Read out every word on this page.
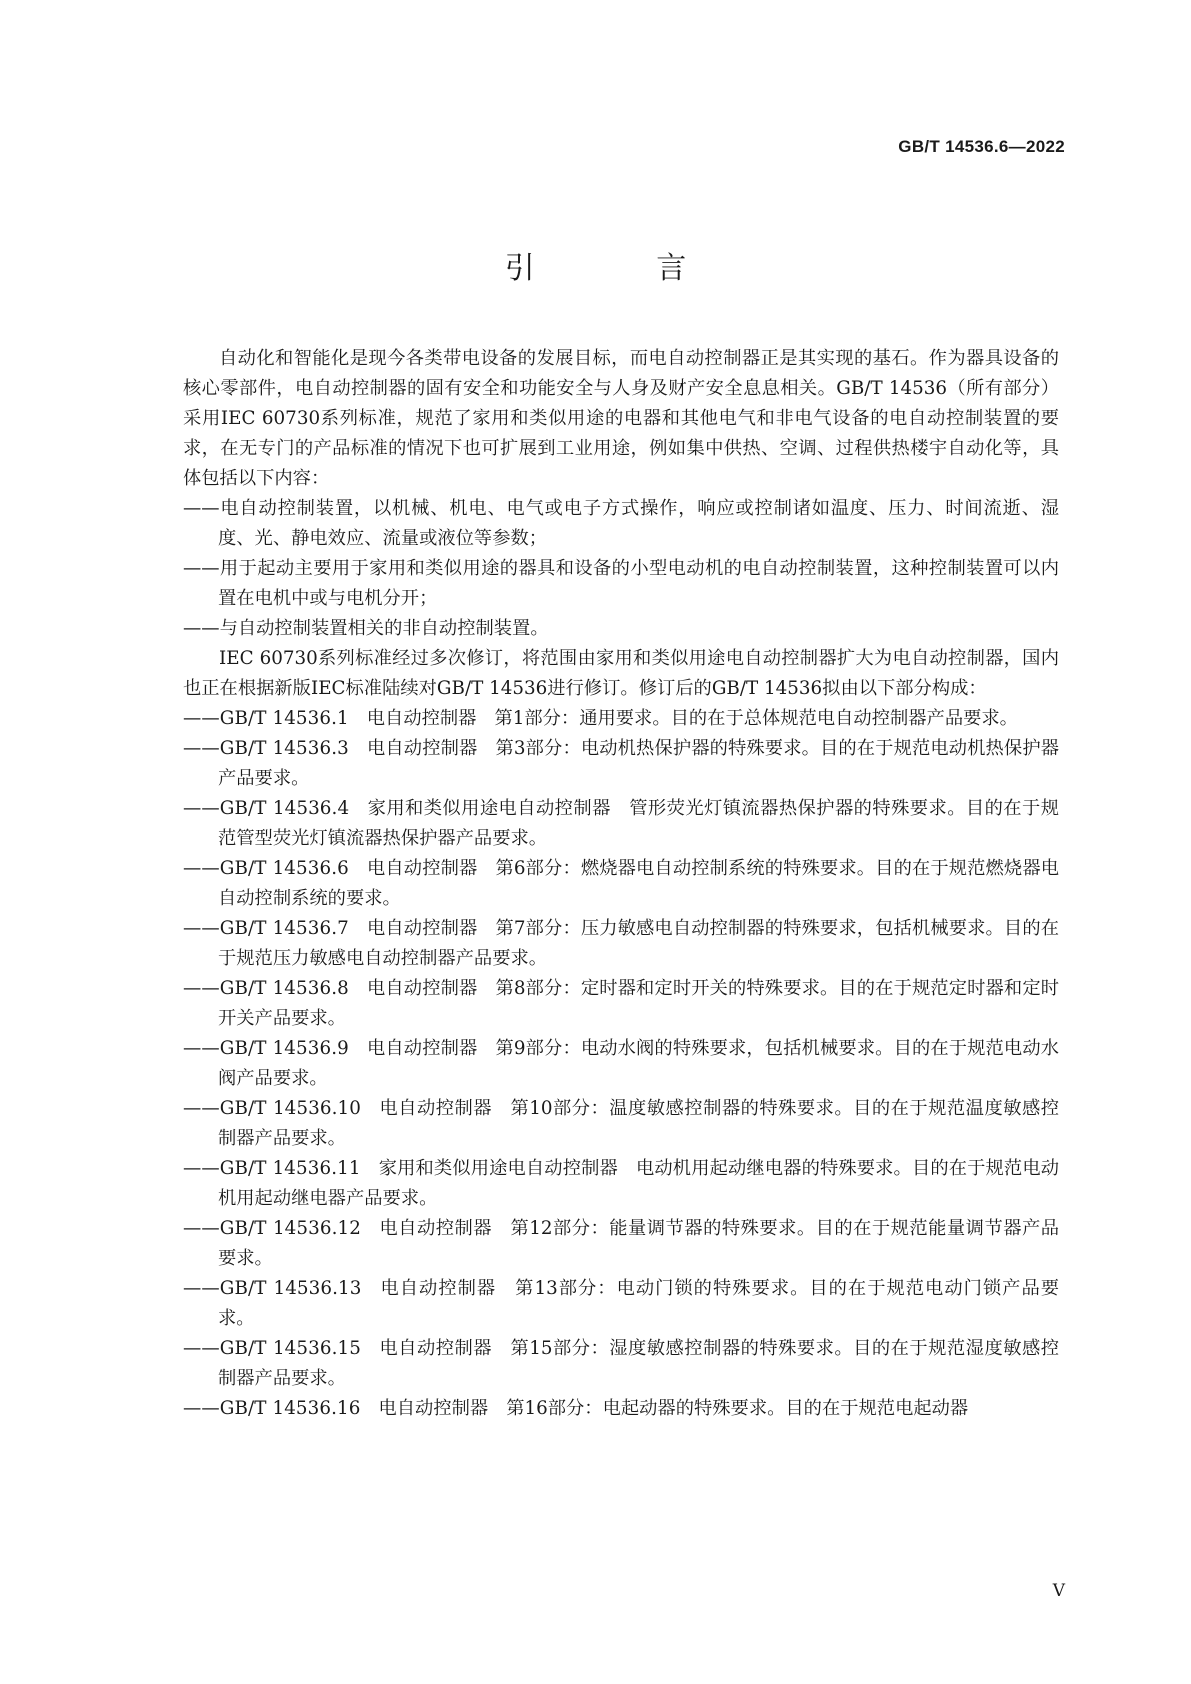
GB/T 14536.6—2022
引 言

自动化和智能化是现今各类带电设备的发展目标，而电自动控制器正是其实现的基石。作为器具设备的核心零部件，电自动控制器的固有安全和功能安全与人身及财产安全息息相关。GB/T 14536（所有部分）采用IEC 60730系列标准，规范了家用和类似用途的电器和其他电气和非电气设备的电自动控制装置的要求，在无专门的产品标准的情况下也可扩展到工业用途，例如集中供热、空调、过程供热楼宇自动化等，具体包括以下内容：

——电自动控制装置，以机械、机电、电气或电子方式操作，响应或控制诸如温度、压力、时间流逝、湿度、光、静电效应、流量或液位等参数；

——用于起动主要用于家用和类似用途的器具和设备的小型电动机的电自动控制装置，这种控制装置可以内置在电机中或与电机分开；

——与自动控制装置相关的非自动控制装置。

IEC 60730系列标准经过多次修订，将范围由家用和类似用途电自动控制器扩大为电自动控制器，国内也正在根据新版IEC标准陆续对GB/T 14536进行修订。修订后的GB/T 14536拟由以下部分构成：

——GB/T 14536.1 电自动控制器 第1部分：通用要求。目的在于总体规范电自动控制器产品要求。

——GB/T 14536.3 电自动控制器 第3部分：电动机热保护器的特殊要求。目的在于规范电动机热保护器产品要求。

——GB/T 14536.4 家用和类似用途电自动控制器 管形荧光灯镇流器热保护器的特殊要求。目的在于规范管型荧光灯镇流器热保护器产品要求。

——GB/T 14536.6 电自动控制器 第6部分：燃烧器电自动控制系统的特殊要求。目的在于规范燃烧器电自动控制系统的要求。

——GB/T 14536.7 电自动控制器 第7部分：压力敏感电自动控制器的特殊要求，包括机械要求。目的在于规范压力敏感电自动控制器产品要求。

——GB/T 14536.8 电自动控制器 第8部分：定时器和定时开关的特殊要求。目的在于规范定时器和定时开关产品要求。

——GB/T 14536.9 电自动控制器 第9部分：电动水阀的特殊要求，包括机械要求。目的在于规范电动水阀产品要求。

——GB/T 14536.10 电自动控制器 第10部分：温度敏感控制器的特殊要求。目的在于规范温度敏感控制器产品要求。

——GB/T 14536.11 家用和类似用途电自动控制器 电动机用起动继电器的特殊要求。目的在于规范电动机用起动继电器产品要求。

——GB/T 14536.12 电自动控制器 第12部分：能量调节器的特殊要求。目的在于规范能量调节器产品要求。

——GB/T 14536.13 电自动控制器 第13部分：电动门锁的特殊要求。目的在于规范电动门锁产品要求。

——GB/T 14536.15 电自动控制器 第15部分：湿度敏感控制器的特殊要求。目的在于规范湿度敏感控制器产品要求。

——GB/T 14536.16 电自动控制器 第16部分：电起动器的特殊要求。目的在于规范电起动器

V
